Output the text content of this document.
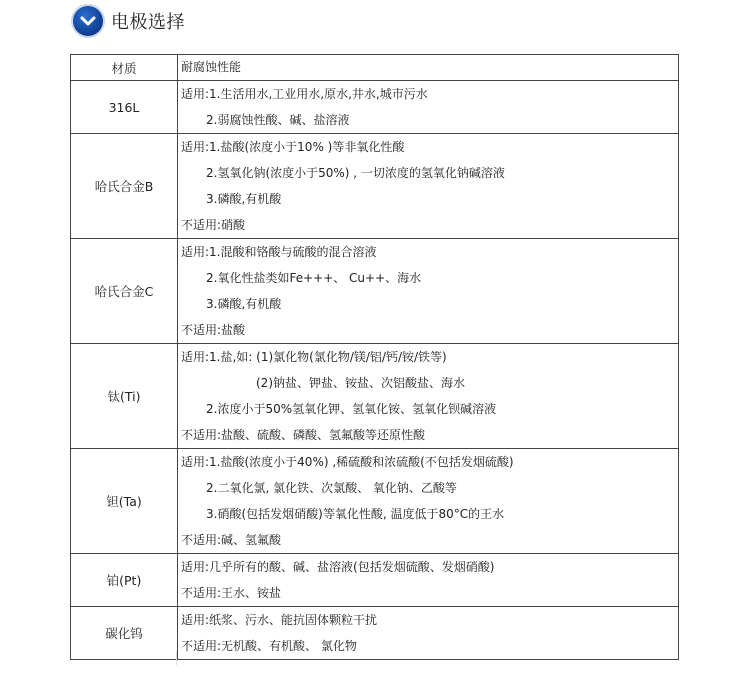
电极选择
材质	耐腐蚀性能

316L	适用:1.生活用水,工业用水,原水,井水,城市污水
2.弱腐蚀性酸、碱、盐溶液

哈氏合金B	适用:1.盐酸(浓度小于10% )等非氧化性酸
2.氢氧化钠(浓度小于50%) , 一切浓度的氢氧化钠碱溶液
3.磷酸,有机酸
不适用:硝酸

哈氏合金C	适用:1.混酸和铬酸与硫酸的混合溶液
2.氧化性盐类如Fe+++、 Cu++、海水
3.磷酸,有机酸
不适用:盐酸

钛(Ti)	适用:1.盐,如: (1)氯化物(氯化物/镁/铝/钙/铵/铁等)
(2)钠盐、钾盐、铵盐、次铝酸盐、海水
2.浓度小于50%氢氧化钾、氢氧化铵、氢氧化钡碱溶液
不适用:盐酸、硫酸、磷酸、氢氟酸等还原性酸

钽(Ta)	适用:1.盐酸(浓度小于40%) ,稀硫酸和浓硫酸(不包括发烟硫酸)
2.二氧化氯, 氯化铁、次氯酸、 氧化钠、乙酸等
3.硝酸(包括发烟硝酸)等氧化性酸, 温度低于80°C的王水
不适用:碱、氢氟酸

铂(Pt)	适用:几乎所有的酸、碱、盐溶液(包括发烟硫酸、发烟硝酸)
不适用:王水、铵盐

碳化钨	适用:纸浆、污水、能抗固体颗粒干扰
不适用:无机酸、有机酸、 氯化物
